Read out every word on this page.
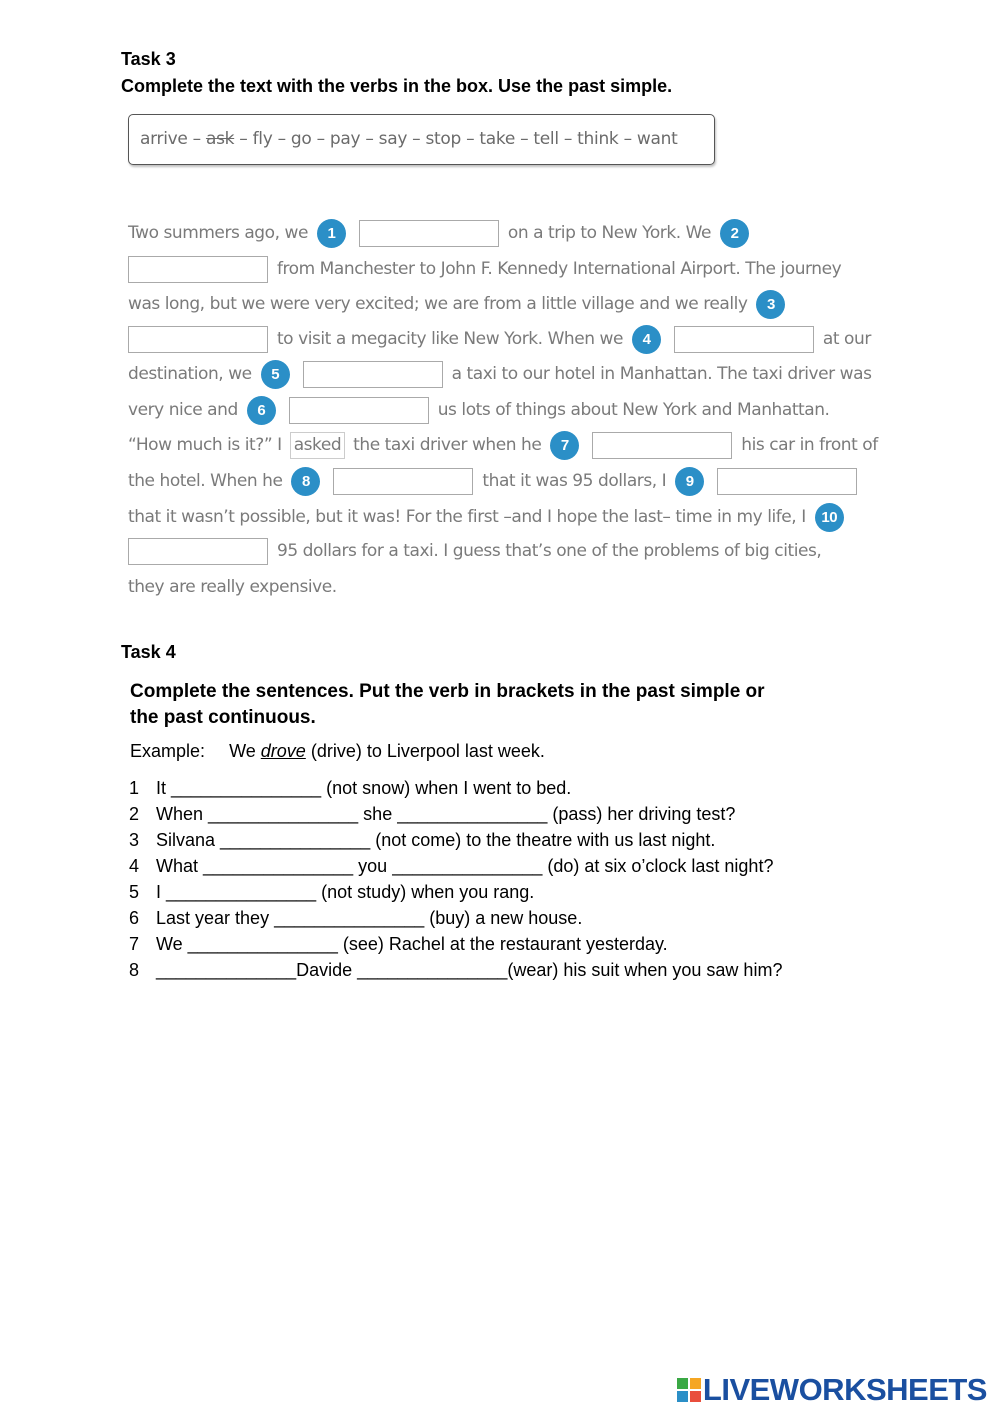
Task 3
Complete the text with the verbs in the box. Use the past simple.
arrive – ask – fly – go – pay – say – stop – take – tell – think – want
Two summers ago, we 1	on a trip to New York. We 2
from Manchester to John F. Kennedy International Airport. The journey
was long, but we were very excited; we are from a little village and we really 3
to visit a megacity like New York. When we 4	at our
destination, we 5	a taxi to our hotel in Manhattan. The taxi driver was
very nice and 6	us lots of things about New York and Manhattan.
“How much is it?” I asked the taxi driver when he 7	his car in front of
the hotel. When he 8	that it was 95 dollars, I 9
that it wasn’t possible, but it was! For the first –and I hope the last– time in my life, I 10
95 dollars for a taxi. I guess that’s one of the problems of big cities,
they are really expensive.
Task 4
Complete the sentences. Put the verb in brackets in the past simple or
the past continuous.
Example: We drove (drive) to Liverpool last week.
1 It _______________ (not snow) when I went to bed.
2 When _______________ she _______________ (pass) her driving test?
3 Silvana _______________ (not come) to the theatre with us last night.
4 What _______________ you _______________ (do) at six o’clock last night?
5 I _______________ (not study) when you rang.
6 Last year they _______________ (buy) a new house.
7 We _______________ (see) Rachel at the restaurant yesterday.
8 ______________Davide _______________(wear) his suit when you saw him?
LIVEWORKSHEETS
